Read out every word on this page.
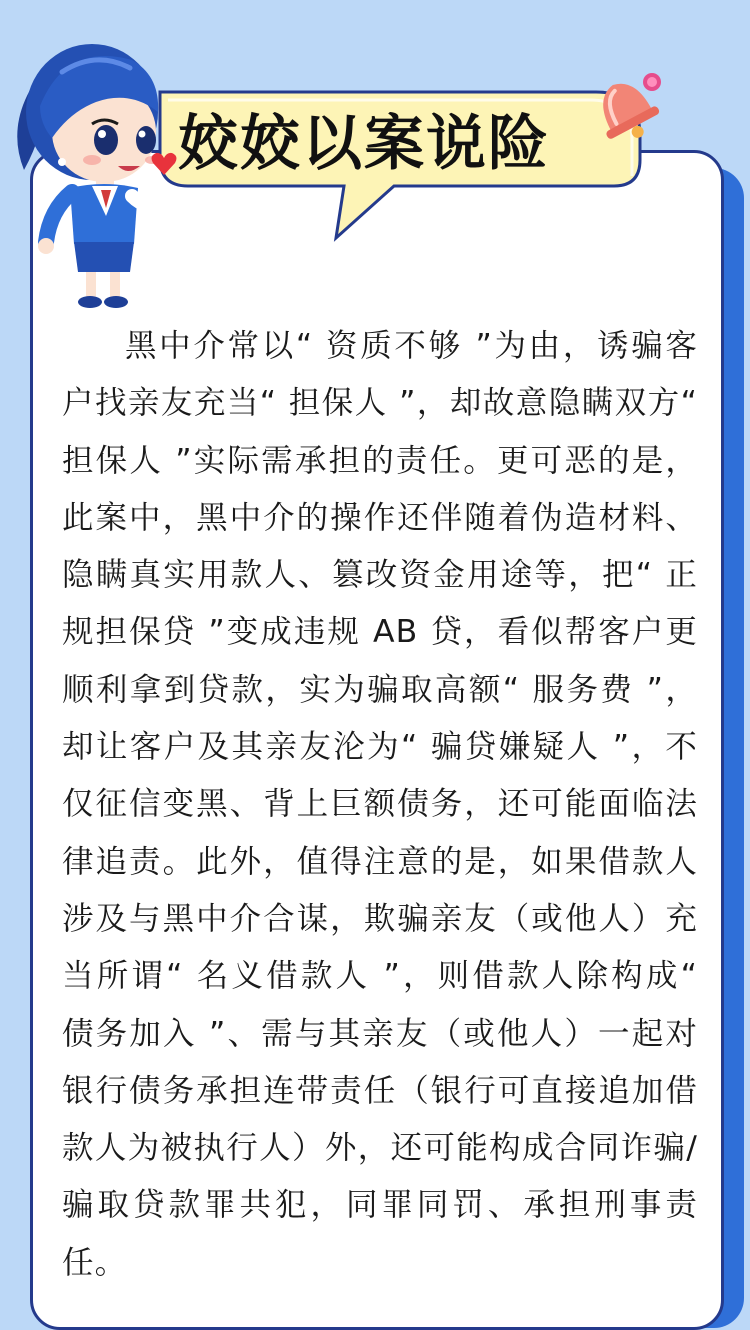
姣姣以案说险

黑中介常以“ 资质不够 ”为由，诱骗客户找亲友充当“ 担保人 ”，却故意隐瞒双方“ 担保人 ”实际需承担的责任。更可恶的是，此案中，黑中介的操作还伴随着伪造材料、隐瞒真实用款人、篡改资金用途等，把“ 正规担保贷 ”变成违规 AB 贷，看似帮客户更顺利拿到贷款，实为骗取高额“ 服务费 ”，却让客户及其亲友沦为“ 骗贷嫌疑人 ”，不仅征信变黑、背上巨额债务，还可能面临法律追责。此外，值得注意的是，如果借款人涉及与黑中介合谋，欺骗亲友（或他人）充当所谓“ 名义借款人 ”，则借款人除构成“ 债务加入 ”、需与其亲友（或他人）一起对银行债务承担连带责任（银行可直接追加借款人为被执行人）外，还可能构成合同诈骗/骗取贷款罪共犯，同罪同罚、承担刑事责任。
